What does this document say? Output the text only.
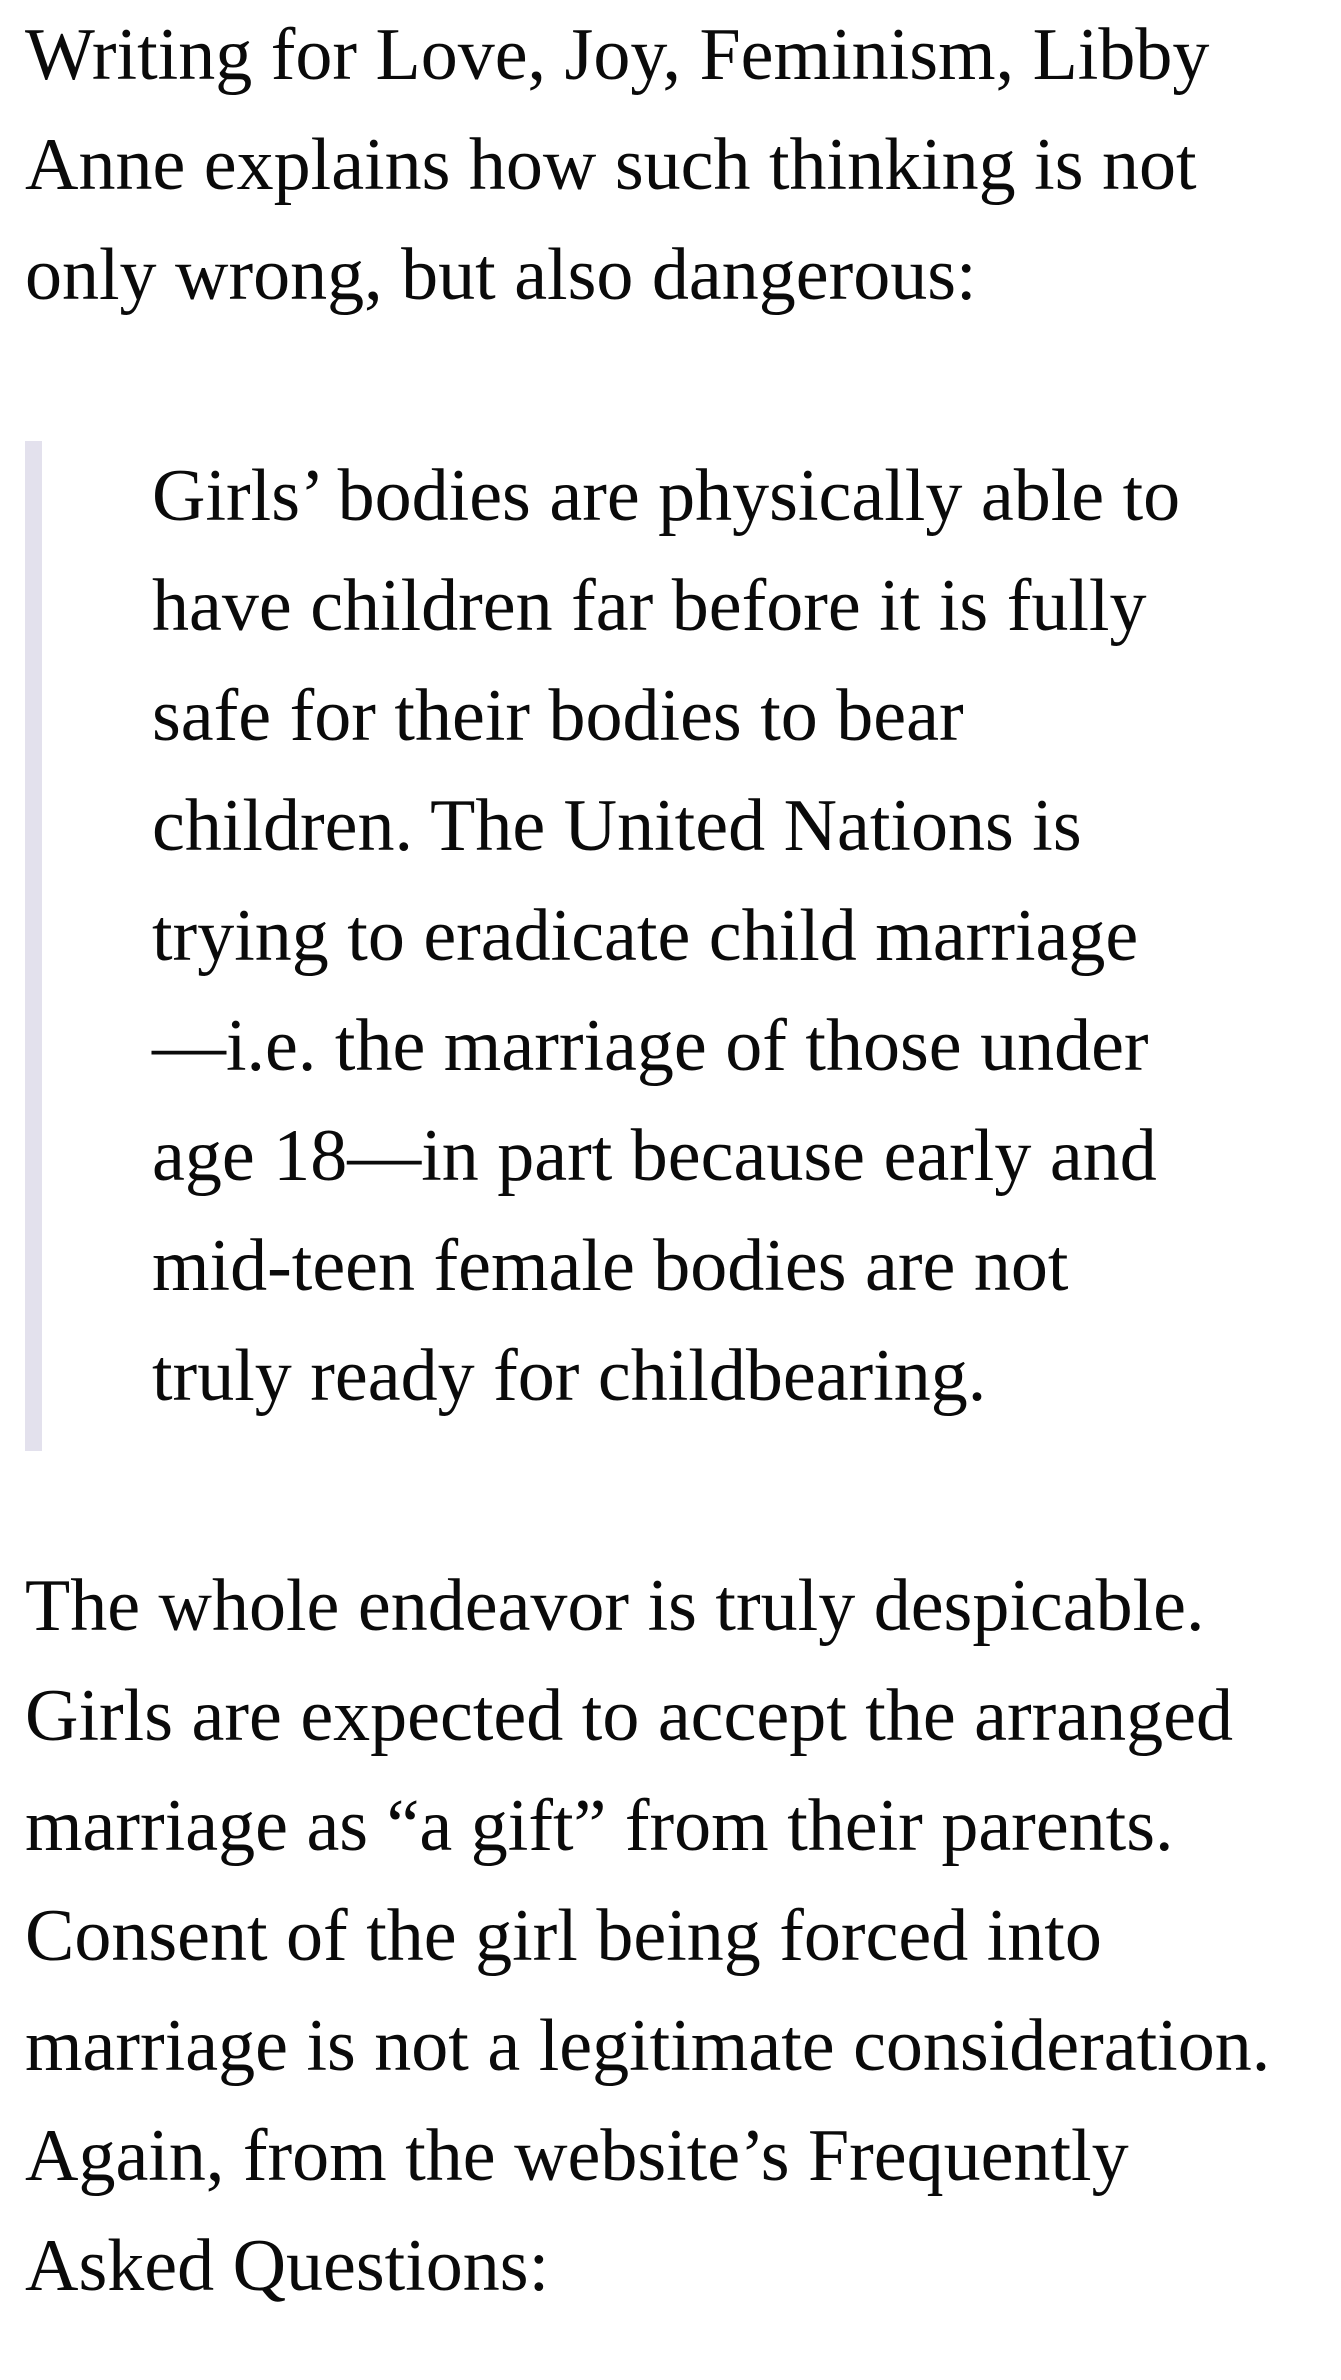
Writing for Love, Joy, Feminism, Libby
Anne explains how such thinking is not
only wrong, but also dangerous:

Girls’ bodies are physically able to
have children far before it is fully
safe for their bodies to bear
children. The United Nations is
trying to eradicate child marriage
—i.e. the marriage of those under
age 18—in part because early and
mid-teen female bodies are not
truly ready for childbearing.

The whole endeavor is truly despicable.
Girls are expected to accept the arranged
marriage as “a gift” from their parents.
Consent of the girl being forced into
marriage is not a legitimate consideration.
Again, from the website’s Frequently
Asked Questions:
